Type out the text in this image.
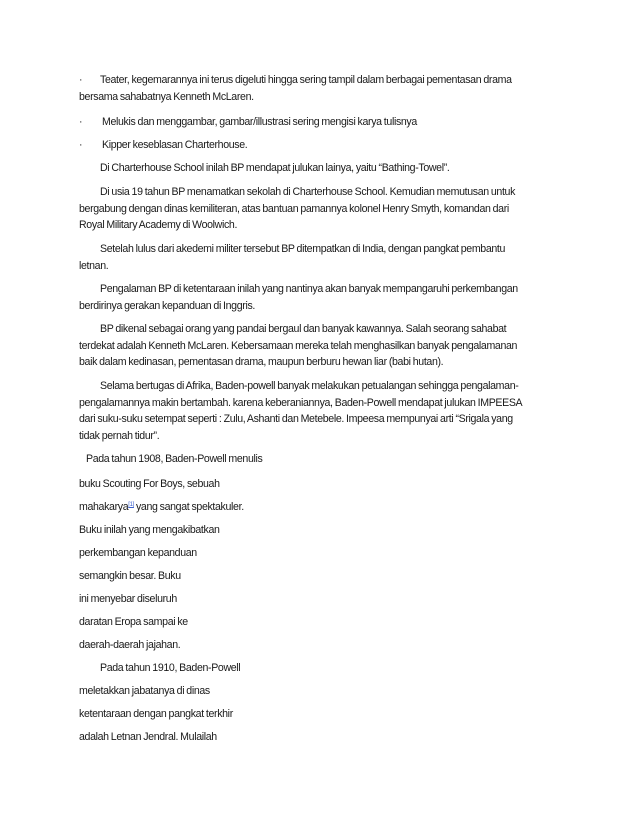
· Teater, kegemarannya ini terus digeluti hingga sering tampil dalam berbagai pementasan drama
bersama sahabatnya Kenneth McLaren.
· Melukis dan menggambar, gambar/illustrasi sering mengisi karya tulisnya
· Kipper keseblasan Charterhouse.
Di Charterhouse School inilah BP mendapat julukan lainya, yaitu “Bathing-Towel”.
Di usia 19 tahun BP menamatkan sekolah di Charterhouse School. Kemudian memutusan untuk
bergabung dengan dinas kemiliteran, atas bantuan pamannya kolonel Henry Smyth, komandan dari
Royal Military Academy di Woolwich.
Setelah lulus dari akedemi militer tersebut BP ditempatkan di India, dengan pangkat pembantu
letnan.
Pengalaman BP di ketentaraan inilah yang nantinya akan banyak mempangaruhi perkembangan
berdirinya gerakan kepanduan di Inggris.
BP dikenal sebagai orang yang pandai bergaul dan banyak kawannya. Salah seorang sahabat
terdekat adalah Kenneth McLaren. Kebersamaan mereka telah menghasilkan banyak pengalamanan
baik dalam kedinasan, pementasan drama, maupun berburu hewan liar (babi hutan).
Selama bertugas di Afrika, Baden-powell banyak melakukan petualangan sehingga pengalaman-
pengalamannya makin bertambah. karena keberaniannya, Baden-Powell mendapat julukan IMPEESA
dari suku-suku setempat seperti : Zulu, Ashanti dan Metebele. Impeesa mempunyai arti “Srigala yang
tidak pernah tidur”.
Pada tahun 1908, Baden-Powell menulis
buku Scouting For Boys, sebuah
mahakarya[1] yang sangat spektakuler.
Buku inilah yang mengakibatkan
perkembangan kepanduan
semangkin besar. Buku
ini menyebar diseluruh
daratan Eropa sampai ke
daerah-daerah jajahan.
Pada tahun 1910, Baden-Powell
meletakkan jabatanya di dinas
ketentaraan dengan pangkat terkhir
adalah Letnan Jendral. Mulailah
